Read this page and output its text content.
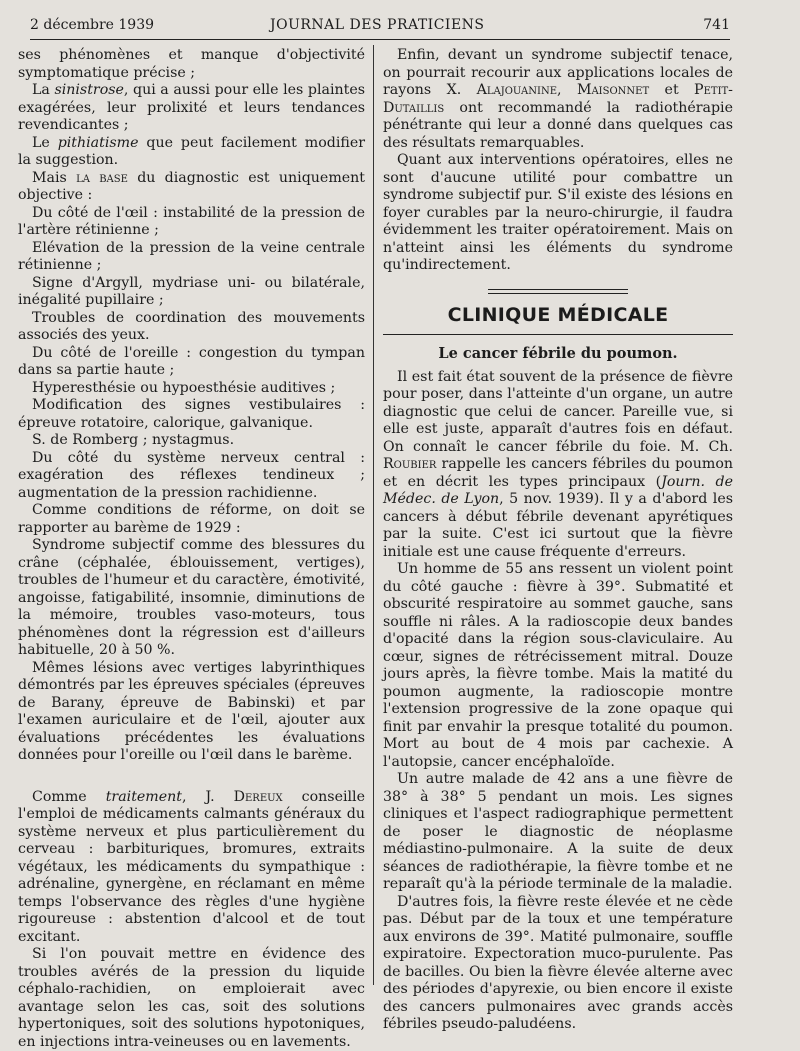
2 décembre 1939	JOURNAL DES PRATICIENS	741

ses phénomènes et manque d'objectivité symptomatique précise ;

La sinistrose, qui a aussi pour elle les plaintes exagérées, leur prolixité et leurs tendances revendicantes ;

Le pithiatisme que peut facilement modifier la suggestion.

Mais la base du diagnostic est uniquement objective :

Du côté de l'œil : instabilité de la pression de l'artère rétinienne ;

Elévation de la pression de la veine centrale rétinienne ;

Signe d'Argyll, mydriase uni- ou bilatérale, inégalité pupillaire ;

Troubles de coordination des mouvements associés des yeux.

Du côté de l'oreille : congestion du tympan dans sa partie haute ;

Hyperesthésie ou hypoesthésie auditives ;

Modification des signes vestibulaires : épreuve rotatoire, calorique, galvanique.

S. de Romberg ; nystagmus.

Du côté du système nerveux central : exagération des réflexes tendineux ; augmentation de la pression rachidienne.

Comme conditions de réforme, on doit se rapporter au barème de 1929 :

Syndrome subjectif comme des blessures du crâne (céphalée, éblouissement, vertiges), troubles de l'humeur et du caractère, émotivité, angoisse, fatigabilité, insomnie, diminutions de la mémoire, troubles vaso-moteurs, tous phénomènes dont la régression est d'ailleurs habituelle, 20 à 50 %.

Mêmes lésions avec vertiges labyrinthiques démontrés par les épreuves spéciales (épreuves de Barany, épreuve de Babinski) et par l'examen auriculaire et de l'œil, ajouter aux évaluations précédentes les évaluations données pour l'oreille ou l'œil dans le barème.

Comme traitement, J. Dereux conseille l'emploi de médicaments calmants généraux du système nerveux et plus particulièrement du cerveau : barbituriques, bromures, extraits végétaux, les médicaments du sympathique : adrénaline, gynergène, en réclamant en même temps l'observance des règles d'une hygiène rigoureuse : abstention d'alcool et de tout excitant.

Si l'on pouvait mettre en évidence des troubles avérés de la pression du liquide céphalo-rachidien, on emploierait avec avantage selon les cas, soit des solutions hypertoniques, soit des solutions hypotoniques, en injections intra-veineuses ou en lavements.

Enfin, devant un syndrome subjectif tenace, on pourrait recourir aux applications locales de rayons X. Alajouanine, Maisonnet et Petit-Dutaillis ont recommandé la radiothérapie pénétrante qui leur a donné dans quelques cas des résultats remarquables.

Quant aux interventions opératoires, elles ne sont d'aucune utilité pour combattre un syndrome subjectif pur. S'il existe des lésions en foyer curables par la neuro-chirurgie, il faudra évidemment les traiter opératoirement. Mais on n'atteint ainsi les éléments du syndrome qu'indirectement.

CLINIQUE MÉDICALE
Le cancer fébrile du poumon.

Il est fait état souvent de la présence de fièvre pour poser, dans l'atteinte d'un organe, un autre diagnostic que celui de cancer. Pareille vue, si elle est juste, apparaît d'autres fois en défaut. On connaît le cancer fébrile du foie. M. Ch. Roubier rappelle les cancers fébriles du poumon et en décrit les types principaux (Journ. de Médec. de Lyon, 5 nov. 1939). Il y a d'abord les cancers à début fébrile devenant apyrétiques par la suite. C'est ici surtout que la fièvre initiale est une cause fréquente d'erreurs.

Un homme de 55 ans ressent un violent point du côté gauche : fièvre à 39°. Submatité et obscurité respiratoire au sommet gauche, sans souffle ni râles. A la radioscopie deux bandes d'opacité dans la région sous-claviculaire. Au cœur, signes de rétrécissement mitral. Douze jours après, la fièvre tombe. Mais la matité du poumon augmente, la radioscopie montre l'extension progressive de la zone opaque qui finit par envahir la presque totalité du poumon. Mort au bout de 4 mois par cachexie. A l'autopsie, cancer encéphaloïde.

Un autre malade de 42 ans a une fièvre de 38° à 38° 5 pendant un mois. Les signes cliniques et l'aspect radiographique permettent de poser le diagnostic de néoplasme médiastino-pulmonaire. A la suite de deux séances de radiothérapie, la fièvre tombe et ne reparaît qu'à la période terminale de la maladie.

D'autres fois, la fièvre reste élevée et ne cède pas. Début par de la toux et une température aux environs de 39°. Matité pulmonaire, souffle expiratoire. Expectoration muco-purulente. Pas de bacilles. Ou bien la fièvre élevée alterne avec des périodes d'apyrexie, ou bien encore il existe des cancers pulmonaires avec grands accès fébriles pseudo-paludéens.
